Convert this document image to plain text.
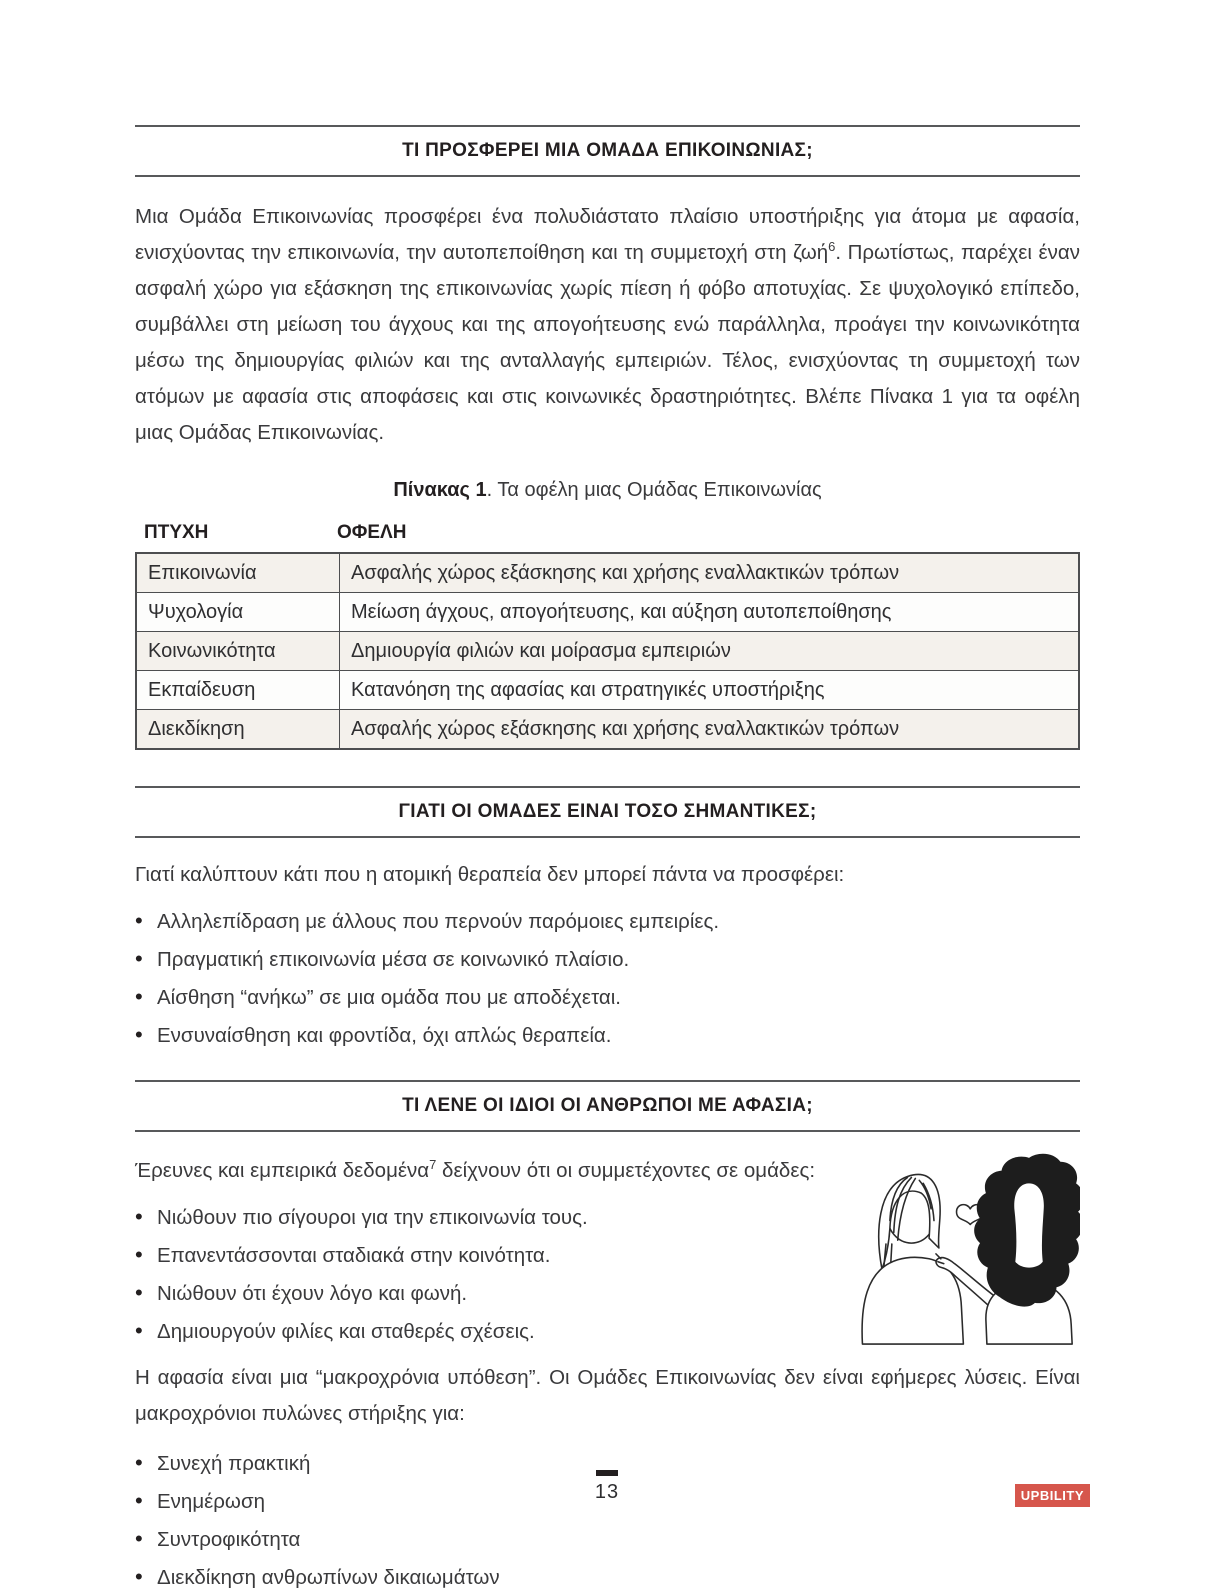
ΤΙ ΠΡΟΣΦΕΡΕΙ ΜΙΑ ΟΜΑΔΑ ΕΠΙΚΟΙΝΩΝΙΑΣ;

Μια Ομάδα Επικοινωνίας προσφέρει ένα πολυδιάστατο πλαίσιο υποστήριξης για άτομα με αφασία, ενισχύοντας την επικοινωνία, την αυτοπεποίθηση και τη συμμετοχή στη ζωή$^6$. Πρωτίστως, παρέχει έναν ασφαλή χώρο για εξάσκηση της επικοινωνίας χωρίς πίεση ή φόβο αποτυχίας. Σε ψυχολογικό επίπεδο, συμβάλλει στη μείωση του άγχους και της απογοήτευσης ενώ παράλληλα, προάγει την κοινωνικότητα μέσω της δημιουργίας φιλιών και της ανταλλαγής εμπειριών. Τέλος, ενισχύοντας τη συμμετοχή των ατόμων με αφασία στις αποφάσεις και στις κοινωνικές δραστηριότητες. Βλέπε Πίνακα 1 για τα οφέλη μιας Ομάδας Επικοινωνίας.

Πίνακας 1. Τα οφέλη μιας Ομάδας Επικοινωνίας
ΠΤΥΧΗ	ΟΦΕΛΗ
Επικοινωνία	Ασφαλής χώρος εξάσκησης και χρήσης εναλλακτικών τρόπων
Ψυχολογία	Μείωση άγχους, απογοήτευσης, και αύξηση αυτοπεποίθησης
Κοινωνικότητα	Δημιουργία φιλιών και μοίρασμα εμπειριών
Εκπαίδευση	Κατανόηση της αφασίας και στρατηγικές υποστήριξης
Διεκδίκηση	Ασφαλής χώρος εξάσκησης και χρήσης εναλλακτικών τρόπων
ΓΙΑΤΙ ΟΙ ΟΜΑΔΕΣ ΕΙΝΑΙ ΤΟΣΟ ΣΗΜΑΝΤΙΚΕΣ;

Γιατί καλύπτουν κάτι που η ατομική θεραπεία δεν μπορεί πάντα να προσφέρει:

• Αλληλεπίδραση με άλλους που περνούν παρόμοιες εμπειρίες.
• Πραγματική επικοινωνία μέσα σε κοινωνικό πλαίσιο.
• Αίσθηση “ανήκω” σε μια ομάδα που με αποδέχεται.
• Ενσυναίσθηση και φροντίδα, όχι απλώς θεραπεία.
ΤΙ ΛΕΝΕ ΟΙ ΙΔΙΟΙ ΟΙ ΑΝΘΡΩΠΟΙ ΜΕ ΑΦΑΣΙΑ;

Έρευνες και εμπειρικά δεδομένα$^7$ δείχνουν ότι οι συμμετέχοντες σε ομάδες:

• Νιώθουν πιο σίγουροι για την επικοινωνία τους.
• Επανεντάσσονται σταδιακά στην κοινότητα.
• Νιώθουν ότι έχουν λόγο και φωνή.
• Δημιουργούν φιλίες και σταθερές σχέσεις.

Η αφασία είναι μια “μακροχρόνια υπόθεση”. Οι Ομάδες Επικοινωνίας δεν είναι εφήμερες λύσεις. Είναι μακροχρόνιοι πυλώνες στήριξης για:

• Συνεχή πρακτική
• Ενημέρωση
• Συντροφικότητα
• Διεκδίκηση ανθρωπίνων δικαιωμάτων
13	UPBILITY
